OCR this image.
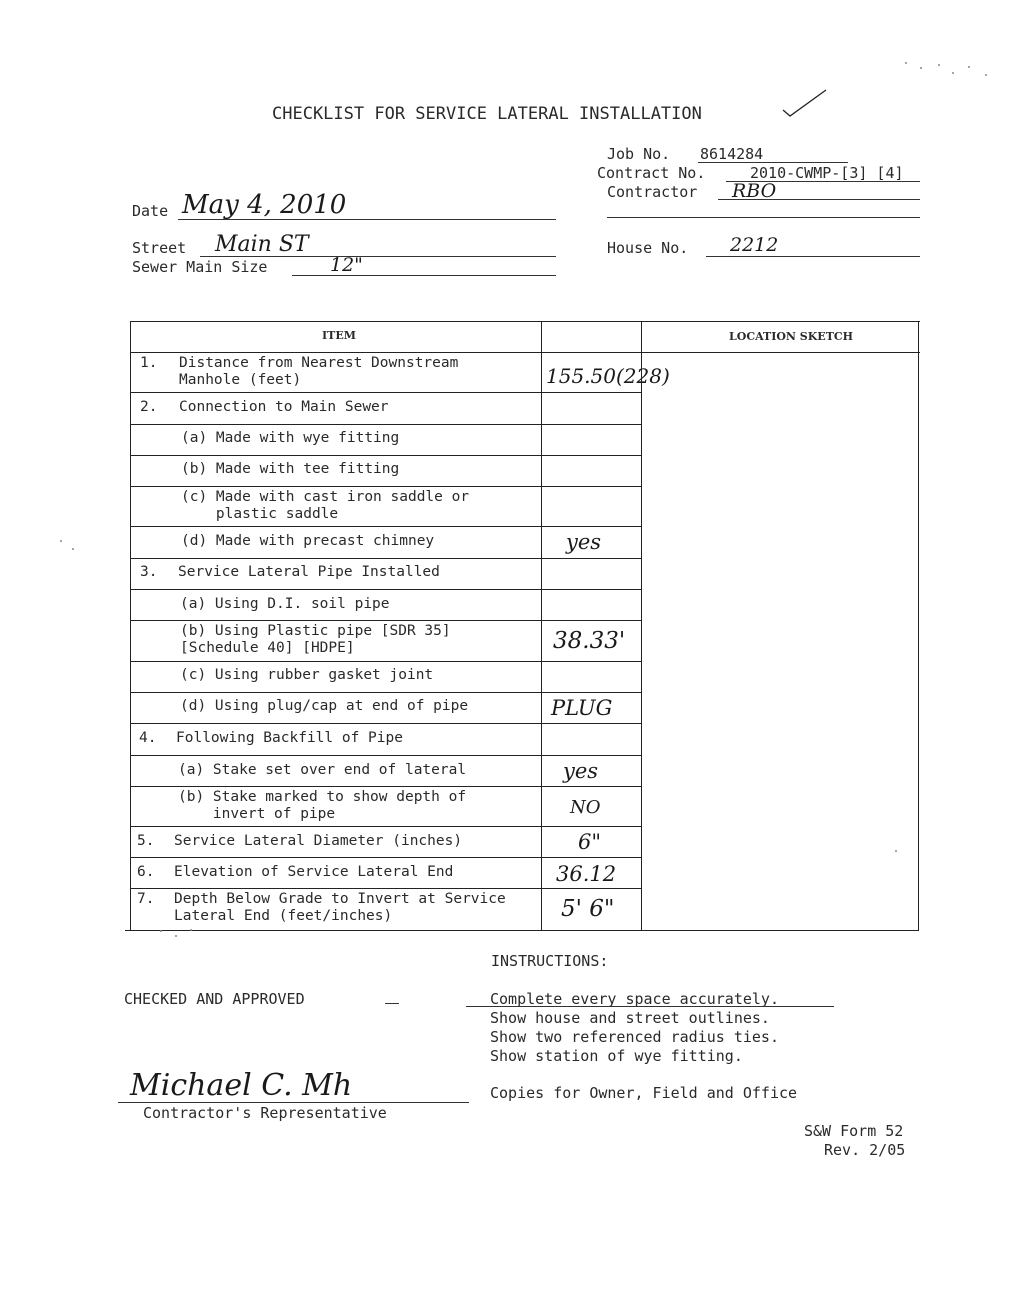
CHECKLIST FOR SERVICE LATERAL INSTALLATION
Job No. 8614284
Contract No.	2010-CWMP-[3] [4]
Contractor RBO
Date May 4, 2010
Street Main ST
Sewer Main Size	12"
House No. 2212
ITEM	LOCATION SKETCH
1. Distance from Nearest Downstream
Manhole (feet)	155.50(228)
2. Connection to Main Sewer
(a) Made with wye fitting
(b) Made with tee fitting
(c) Made with cast iron saddle or
plastic saddle
(d) Made with precast chimney	yes
3. Service Lateral Pipe Installed
(a) Using D.I. soil pipe
(b) Using Plastic pipe [SDR 35]
[Schedule 40] [HDPE]	38.33'
(c) Using rubber gasket joint
(d) Using plug/cap at end of pipe	PLUG
4. Following Backfill of Pipe
(a) Stake set over end of lateral	yes
(b) Stake marked to show depth of
invert of pipe	NO
5. Service Lateral Diameter (inches)	6"
6. Elevation of Service Lateral End	36.12
7. Depth Below Grade to Invert at Service
Lateral End (feet/inches)	5' 6"
INSTRUCTIONS:
CHECKED AND APPROVED	Complete every space accurately.
Show house and street outlines.
Show two referenced radius ties.
Show station of wye fitting.
Copies for Owner, Field and Office
Michael C. Mh
Contractor's Representative
S&W Form 52
Rev. 2/05
